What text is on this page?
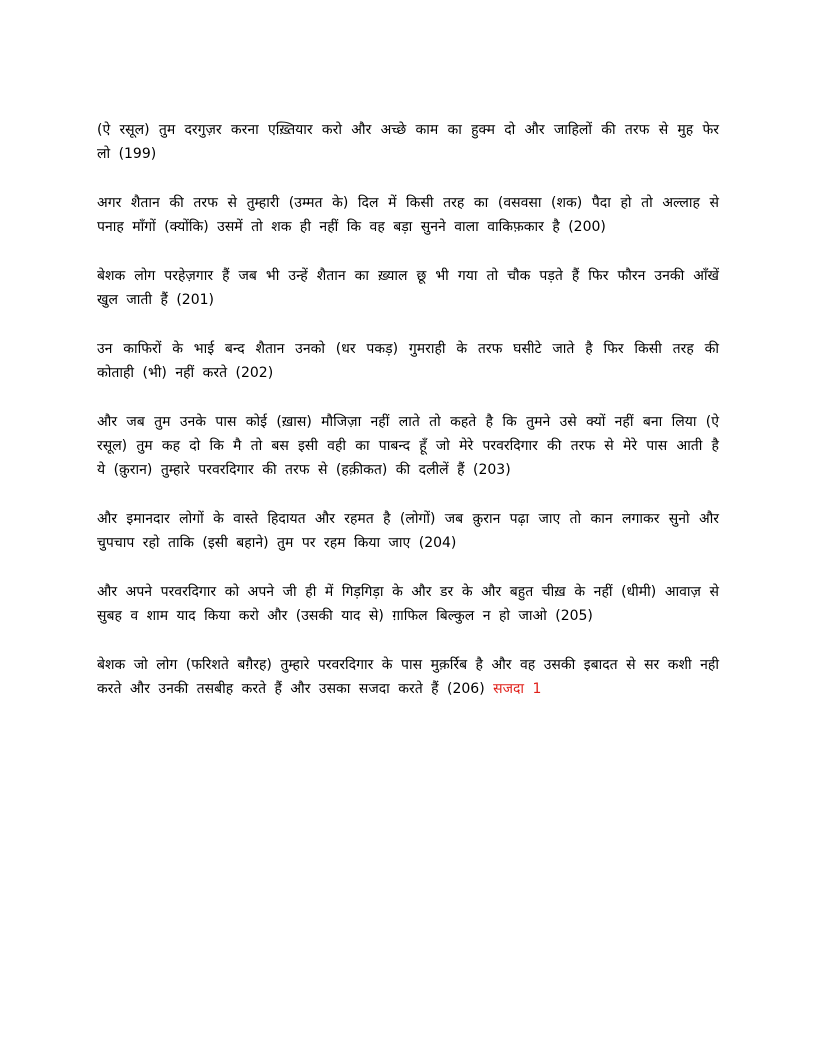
(ऐ रसूल) तुम दरगुज़र करना एख़्तियार करो और अच्छे काम का हुक्म दो और जाहिलों की तरफ से मुह फेर लो (199)

अगर शैतान की तरफ से तुम्हारी (उम्मत के) दिल में किसी तरह का (वसवसा (शक) पैदा हो तो अल्लाह से पनाह माँगों (क्योंकि) उसमें तो शक ही नहीं कि वह बड़ा सुनने वाला वाकिफ़कार है (200)

बेशक लोग परहेज़गार हैं जब भी उन्हें शैतान का ख़्याल छू भी गया तो चौक पड़ते हैं फिर फौरन उनकी आँखें खुल जाती हैं (201)

उन काफिरों के भाई बन्द शैतान उनको (धर पकड़) गुमराही के तरफ घसीटे जाते है फिर किसी तरह की कोताही (भी) नहीं करते (202)

और जब तुम उनके पास कोई (ख़ास) मौजिज़ा नहीं लाते तो कहते है कि तुमने उसे क्यों नहीं बना लिया (ऐ रसूल) तुम कह दो कि मै तो बस इसी वही का पाबन्द हूँ जो मेरे परवरदिगार की तरफ से मेरे पास आती है ये (क़ुरान) तुम्हारे परवरदिगार की तरफ से (हक़ीकत) की दलीलें हैं (203)

और इमानदार लोगों के वास्ते हिदायत और रहमत है (लोगों) जब क़ुरान पढ़ा जाए तो कान लगाकर सुनो और चुपचाप रहो ताकि (इसी बहाने) तुम पर रहम किया जाए (204)

और अपने परवरदिगार को अपने जी ही में गिड़गिड़ा के और डर के और बहुत चीख़ के नहीं (धीमी) आवाज़ से सुबह व शाम याद किया करो और (उसकी याद से) ग़ाफिल बिल्कुल न हो जाओ (205)

बेशक जो लोग (फरिशते बग़ैरह) तुम्हारे परवरदिगार के पास मुक़र्रिब है और वह उसकी इबादत से सर कशी नही करते और उनकी तसबीह करते हैं और उसका सजदा करते हैं (206) सजदा 1
